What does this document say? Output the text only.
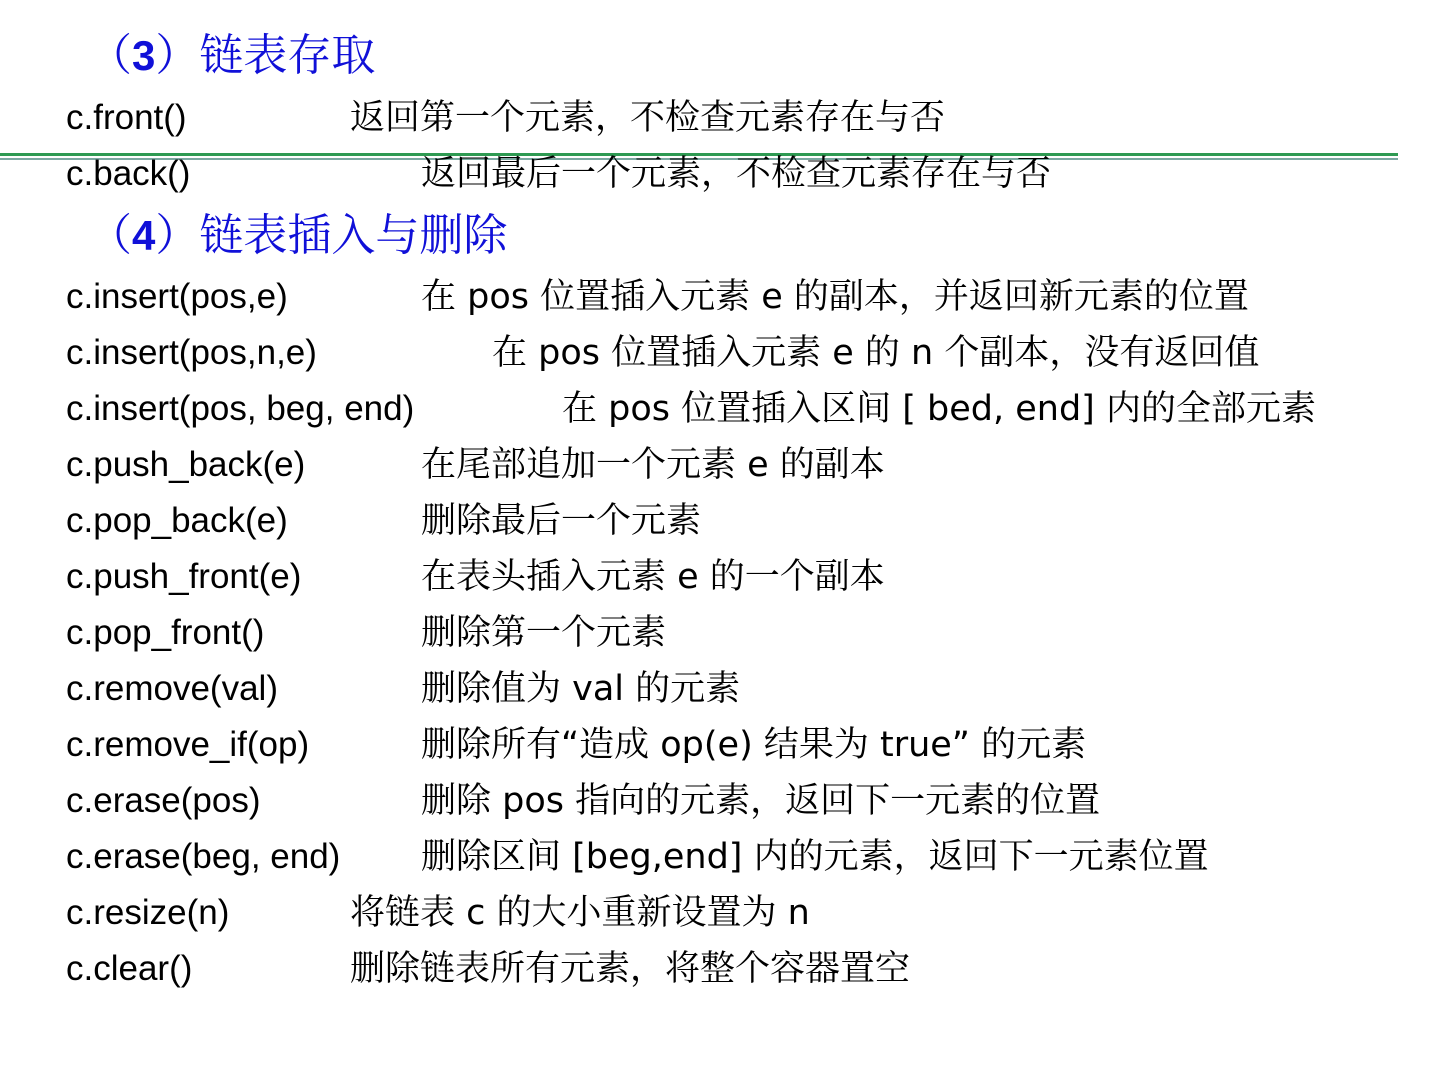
（3）链表存取
c.front()	返回第一个元素，不检查元素存在与否
c.back()	返回最后一个元素，不检查元素存在与否
（4）链表插入与删除
c.insert(pos,e)	在 pos 位置插入元素 e 的副本，并返回新元素的位置
c.insert(pos,n,e)	在 pos 位置插入元素 e 的 n 个副本，没有返回值
c.insert(pos, beg, end)	在 pos 位置插入区间 [ bed, end] 内的全部元素
c.push_back(e)	在尾部追加一个元素 e 的副本
c.pop_back(e)	删除最后一个元素
c.push_front(e)	在表头插入元素 e 的一个副本
c.pop_front()	删除第一个元素
c.remove(val)	删除值为 val 的元素
c.remove_if(op)	删除所有“造成 op(e) 结果为 true” 的元素
c.erase(pos)	删除 pos 指向的元素，返回下一元素的位置
c.erase(beg, end) 删除区间 [beg,end] 内的元素，返回下一元素位置
c.resize(n)	将链表 c 的大小重新设置为 n
c.clear()	删除链表所有元素，将整个容器置空
